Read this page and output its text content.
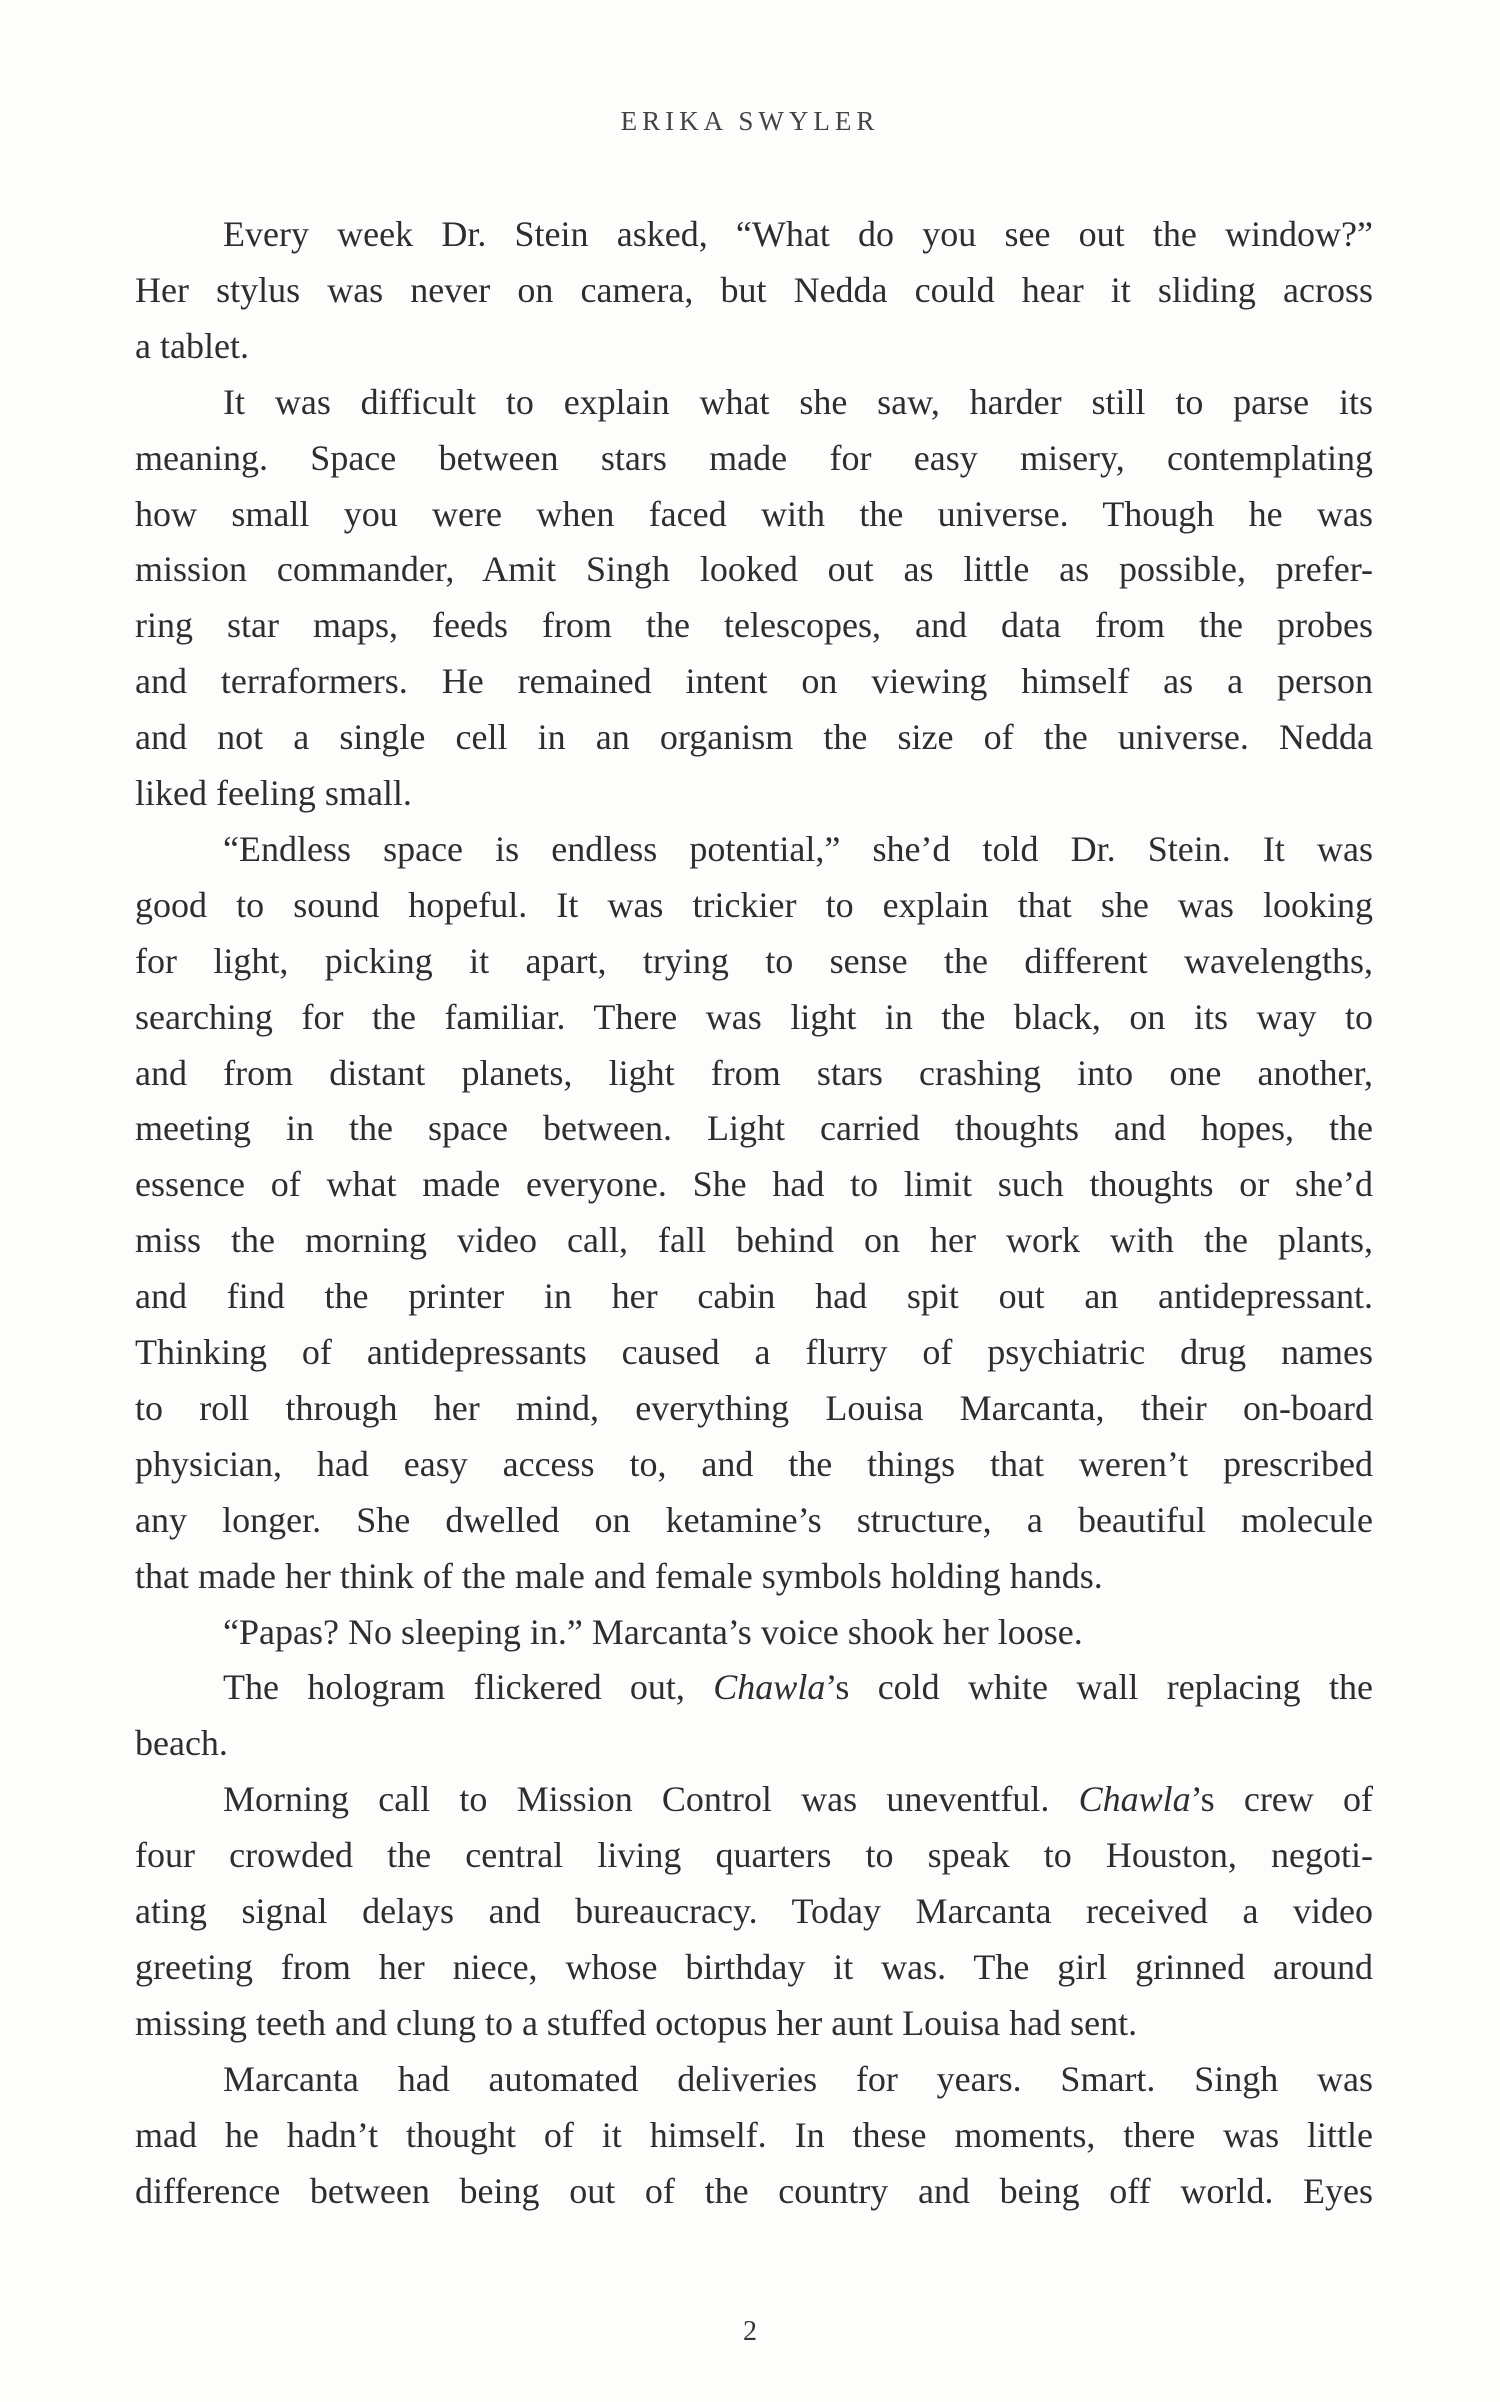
ERIKA SWYLER
Every week Dr. Stein asked, “What do you see out the window?”
Her stylus was never on camera, but Nedda could hear it sliding across
a tablet.
It was difficult to explain what she saw, harder still to parse its
meaning. Space between stars made for easy misery, contemplating
how small you were when faced with the universe. Though he was
mission commander, Amit Singh looked out as little as possible, prefer-
ring star maps, feeds from the telescopes, and data from the probes
and terraformers. He remained intent on viewing himself as a person
and not a single cell in an organism the size of the universe. Nedda
liked feeling small.
“Endless space is endless potential,” she’d told Dr. Stein. It was
good to sound hopeful. It was trickier to explain that she was looking
for light, picking it apart, trying to sense the different wavelengths,
searching for the familiar. There was light in the black, on its way to
and from distant planets, light from stars crashing into one another,
meeting in the space between. Light carried thoughts and hopes, the
essence of what made everyone. She had to limit such thoughts or she’d
miss the morning video call, fall behind on her work with the plants,
and find the printer in her cabin had spit out an antidepressant.
Thinking of antidepressants caused a flurry of psychiatric drug names
to roll through her mind, everything Louisa Marcanta, their on-board
physician, had easy access to, and the things that weren’t prescribed
any longer. She dwelled on ketamine’s structure, a beautiful molecule
that made her think of the male and female symbols holding hands.
“Papas? No sleeping in.” Marcanta’s voice shook her loose.
The hologram flickered out, Chawla’s cold white wall replacing the
beach.
Morning call to Mission Control was uneventful. Chawla’s crew of
four crowded the central living quarters to speak to Houston, negoti-
ating signal delays and bureaucracy. Today Marcanta received a video
greeting from her niece, whose birthday it was. The girl grinned around
missing teeth and clung to a stuffed octopus her aunt Louisa had sent.
Marcanta had automated deliveries for years. Smart. Singh was
mad he hadn’t thought of it himself. In these moments, there was little
difference between being out of the country and being off world. Eyes
2
